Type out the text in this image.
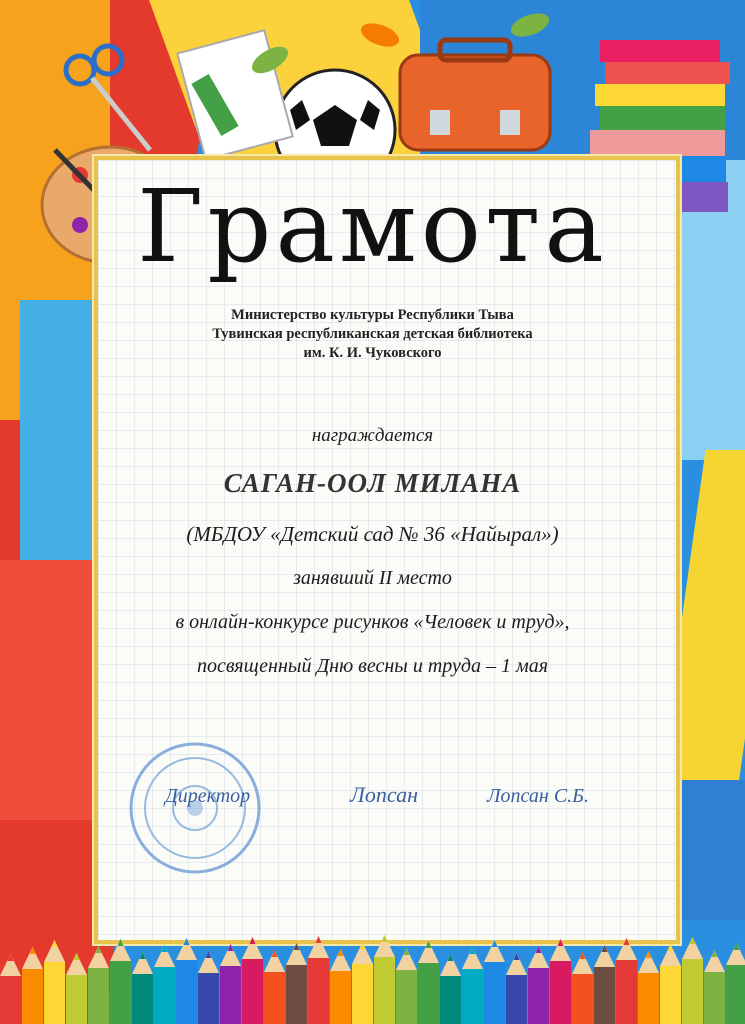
Грамота
Министерство культуры Республики Тыва
Тувинская республиканская детская библиотека
им. К. И. Чуковского
награждается
САГАН-ООЛ МИЛАНА
(МБДОУ «Детский сад № 36 «Найырал»)
занявший II место
в онлайн-конкурсе рисунков «Человек и труд»,
посвященный Дню весны и труда – 1 мая
Директор	Лопсан	Лопсан С.Б.
